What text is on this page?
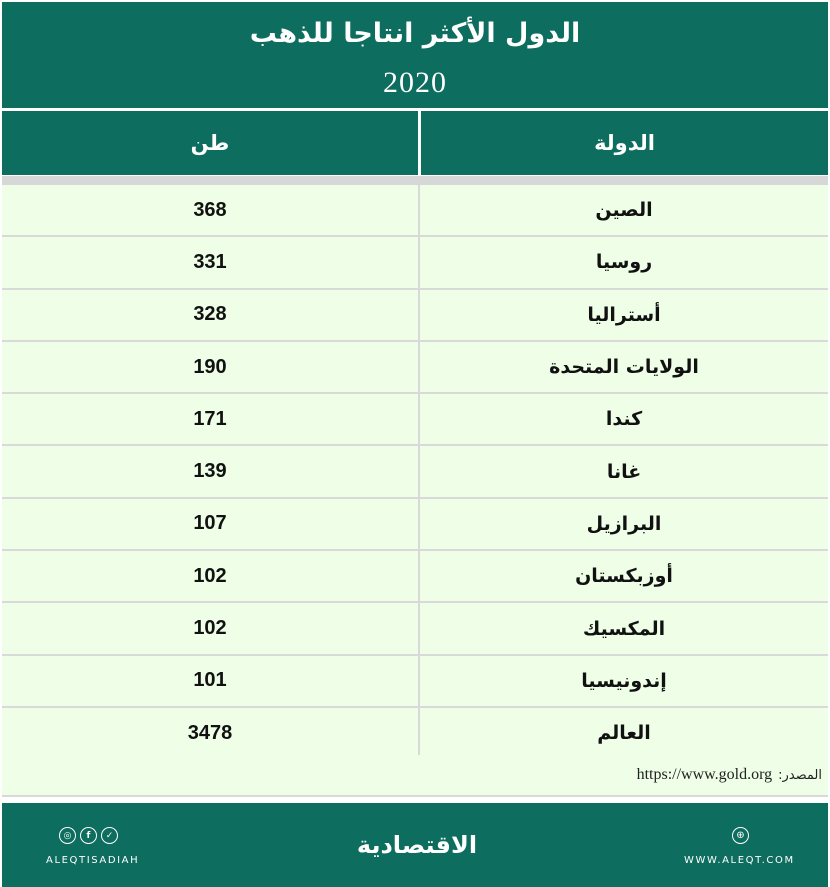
الدول الأكثر انتاجا للذهب
2020
طن	الدولة
368	الصين
331	روسيا
328	أستراليا
190	الولايات المتحدة
171	كندا
139	غانا
107	البرازيل
102	أوزبكستان
102	المكسيك
101	إندونيسيا
3478	العالم
https://www.gold.org المصدر:
◎	f	✓
ALEQTISADIAH
الاقتصادية	⊕
WWW.ALEQT.COM
